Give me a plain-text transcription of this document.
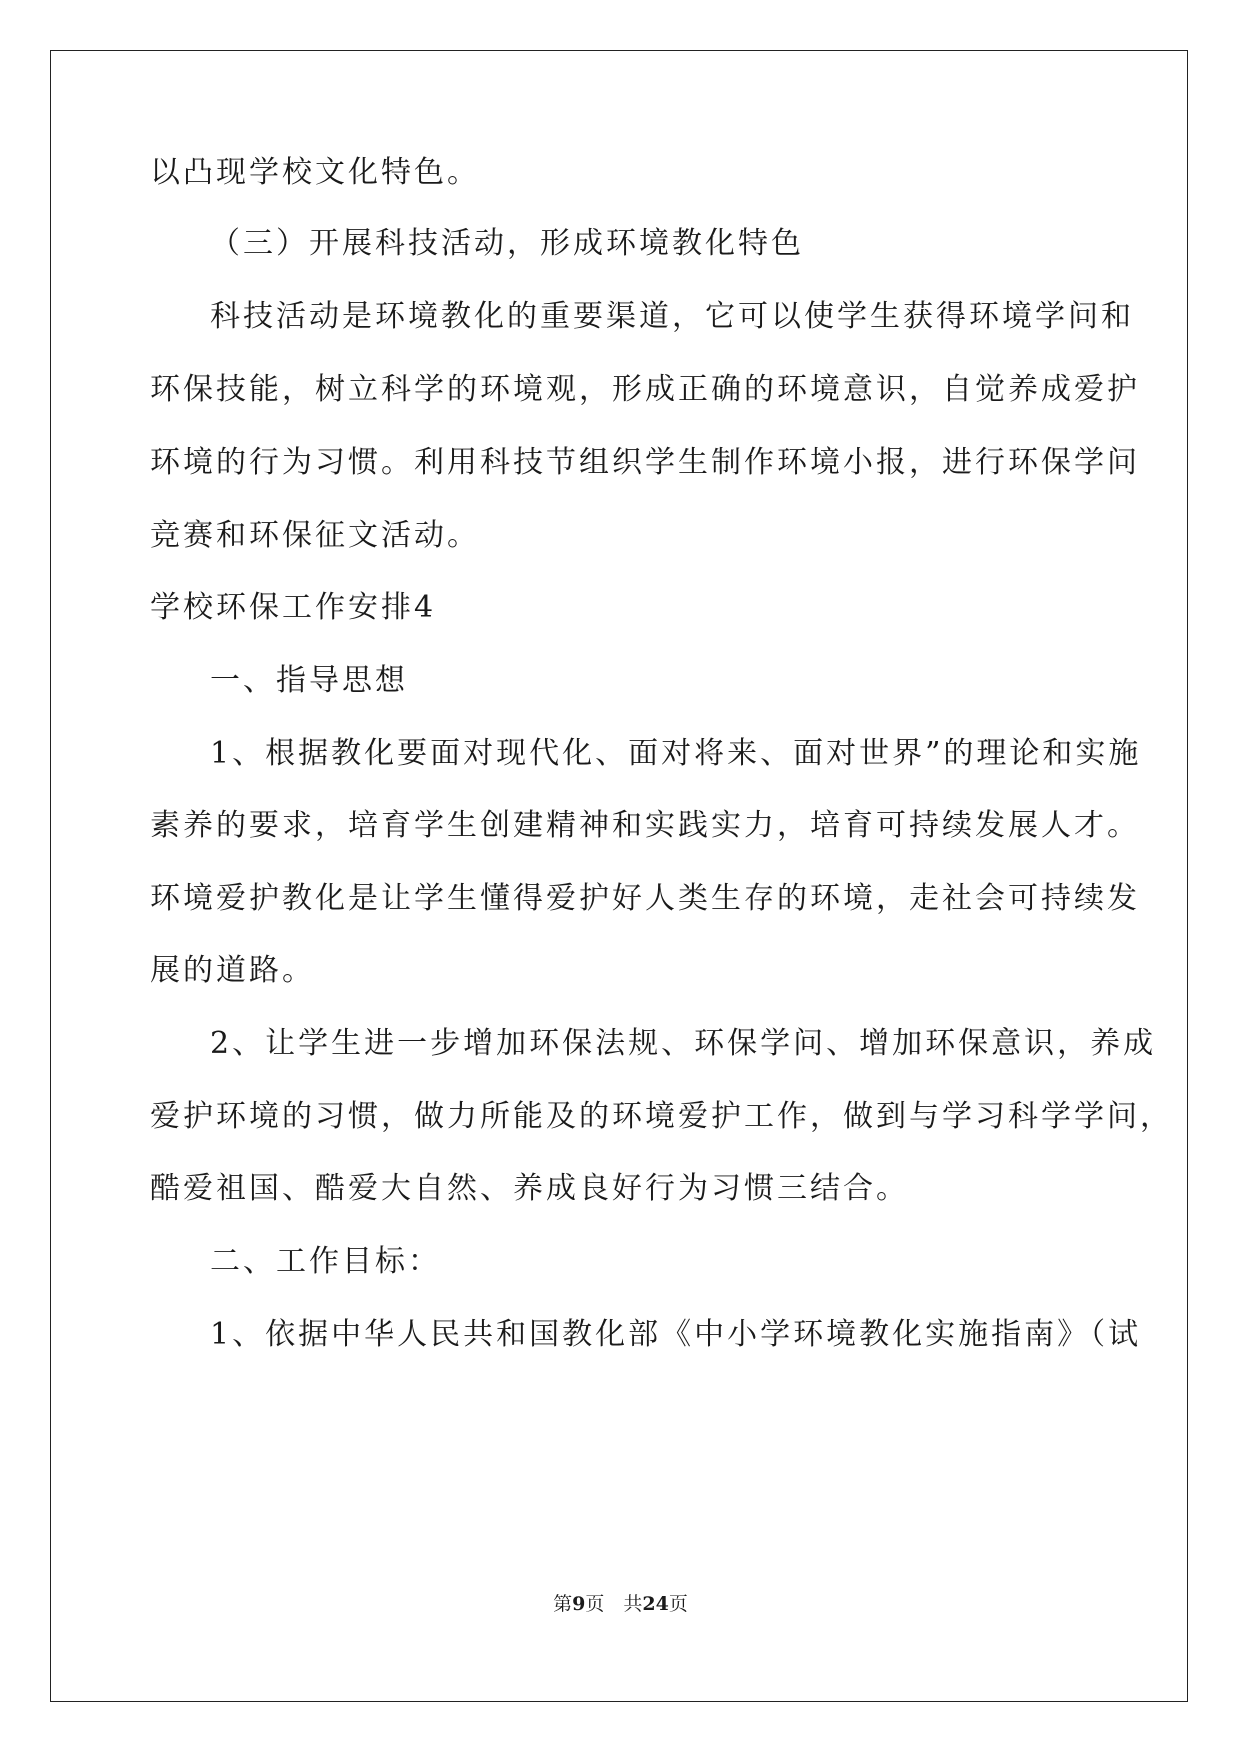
以凸现学校文化特色。
（三）开展科技活动，形成环境教化特色
科技活动是环境教化的重要渠道，它可以使学生获得环境学问和
环保技能，树立科学的环境观，形成正确的环境意识，自觉养成爱护
环境的行为习惯。利用科技节组织学生制作环境小报，进行环保学问
竞赛和环保征文活动。
学校环保工作安排4
一、指导思想
1、根据教化要面对现代化、面对将来、面对世界”的理论和实施
素养的要求，培育学生创建精神和实践实力，培育可持续发展人才。
环境爱护教化是让学生懂得爱护好人类生存的环境，走社会可持续发
展的道路。
2、让学生进一步增加环保法规、环保学问、增加环保意识，养成
爱护环境的习惯，做力所能及的环境爱护工作，做到与学习科学学问，
酷爱祖国、酷爱大自然、养成良好行为习惯三结合。
二、工作目标：
1、依据中华人民共和国教化部《中小学环境教化实施指南》（试
第9页　 共24页
